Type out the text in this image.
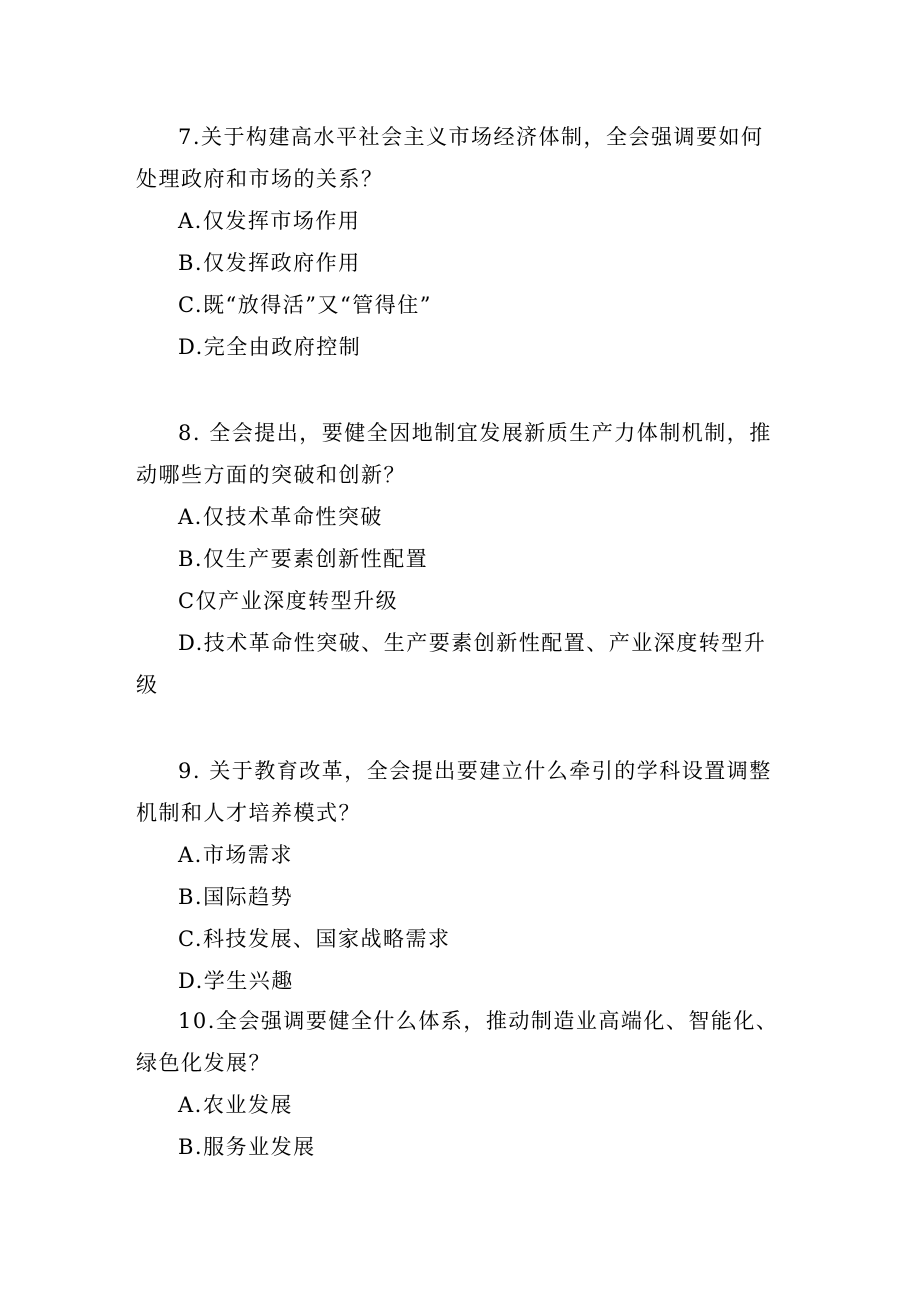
7.关于构建高水平社会主义市场经济体制，全会强调要如何处理政府和市场的关系？
A.仅发挥市场作用
B.仅发挥政府作用
C.既“放得活”又“管得住”
D.完全由政府控制
8. 全会提出，要健全因地制宜发展新质生产力体制机制，推动哪些方面的突破和创新？
A.仅技术革命性突破
B.仅生产要素创新性配置
C仅产业深度转型升级
D.技术革命性突破、生产要素创新性配置、产业深度转型升级
9. 关于教育改革，全会提出要建立什么牵引的学科设置调整机制和人才培养模式？
A.市场需求
B.国际趋势
C.科技发展、国家战略需求
D.学生兴趣
10.全会强调要健全什么体系，推动制造业高端化、智能化、绿色化发展？
A.农业发展
B.服务业发展
